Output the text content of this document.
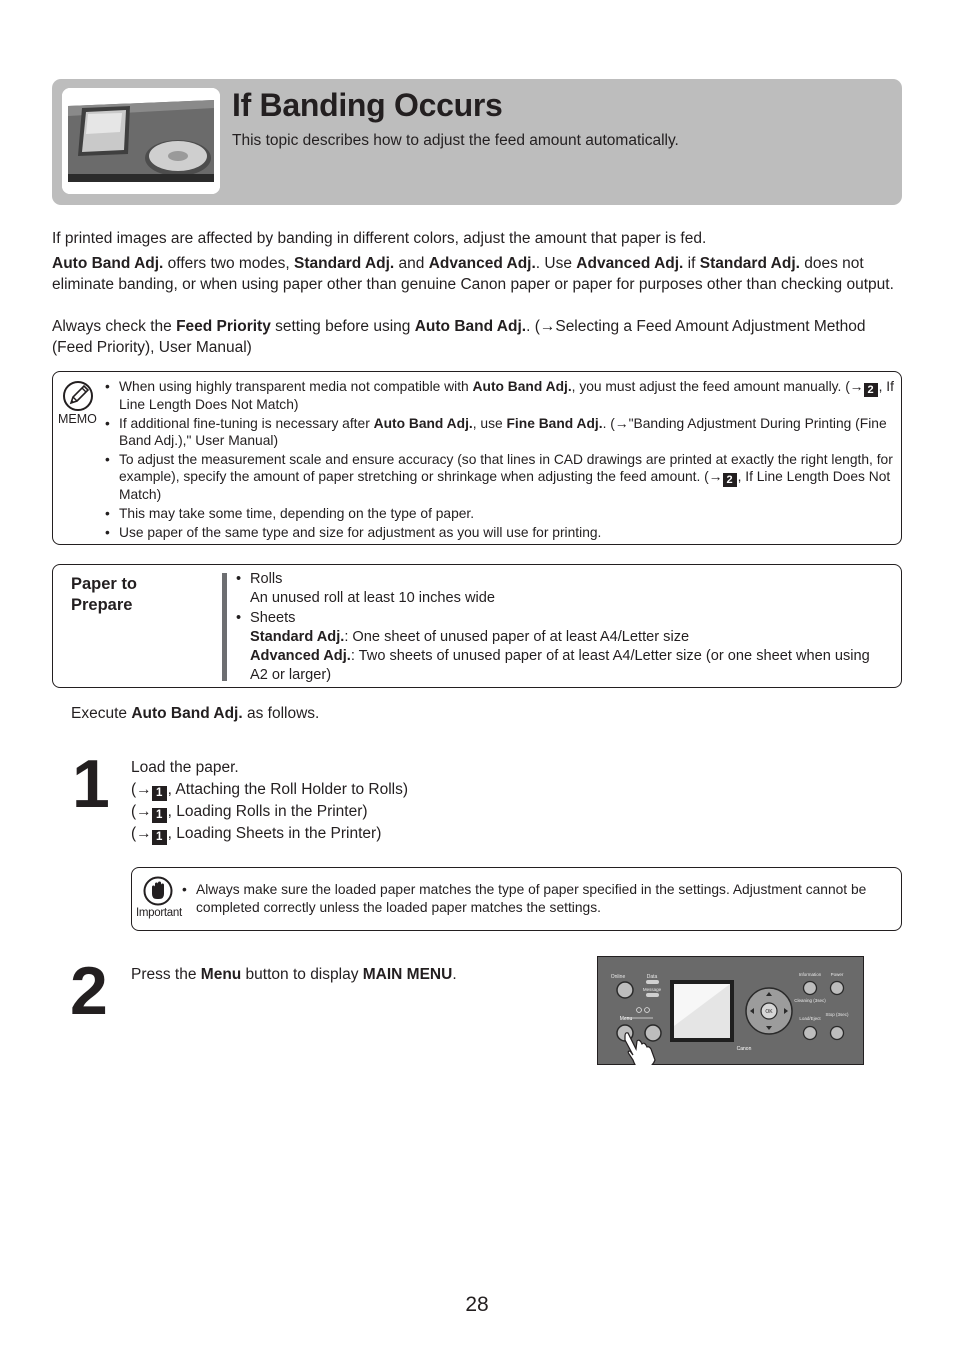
If Banding Occurs
This topic describes how to adjust the feed amount automatically.

If printed images are affected by banding in different colors, adjust the amount that paper is fed.

Auto Band Adj. offers two modes, Standard Adj. and Advanced Adj.. Use Advanced Adj. if Standard Adj. does not eliminate banding, or when using paper other than genuine Canon paper or paper for purposes other than checking output.

Always check the Feed Priority setting before using Auto Band Adj.. (→Selecting a Feed Amount Adjustment Method (Feed Priority), User Manual)

MEMO
• When using highly transparent media not compatible with Auto Band Adj., you must adjust the feed amount manually. (→ 2 , If Line Length Does Not Match)
• If additional fine-tuning is necessary after Auto Band Adj., use Fine Band Adj.. (→"Banding Adjustment During Printing (Fine Band Adj.)," User Manual)
• To adjust the measurement scale and ensure accuracy (so that lines in CAD drawings are printed at exactly the right length, for example), specify the amount of paper stretching or shrinkage when adjusting the feed amount. (→ 2 , If Line Length Does Not Match)
• This may take some time, depending on the type of paper.
• Use paper of the same type and size for adjustment as you will use for printing.
Paper to Prepare
• Rolls
An unused roll at least 10 inches wide
• Sheets
Standard Adj.: One sheet of unused paper of at least A4/Letter size
Advanced Adj.: Two sheets of unused paper of at least A4/Letter size (or one sheet when using A2 or larger)

Execute Auto Band Adj. as follows.

1 Load the paper.
(→ 1 , Attaching the Roll Holder to Rolls)
(→ 1 , Loading Rolls in the Printer)
(→ 1 , Loading Sheets in the Printer)
Important
• Always make sure the loaded paper matches the type of paper specified in the settings. Adjustment cannot be completed correctly unless the loaded paper matches the settings.
2 Press the Menu button to display MAIN MENU.	Online	Data
Message
Menu
OK
Information Power
Cleaning (3sec)
Load/Eject
Stop (3sec)
Canon
28
